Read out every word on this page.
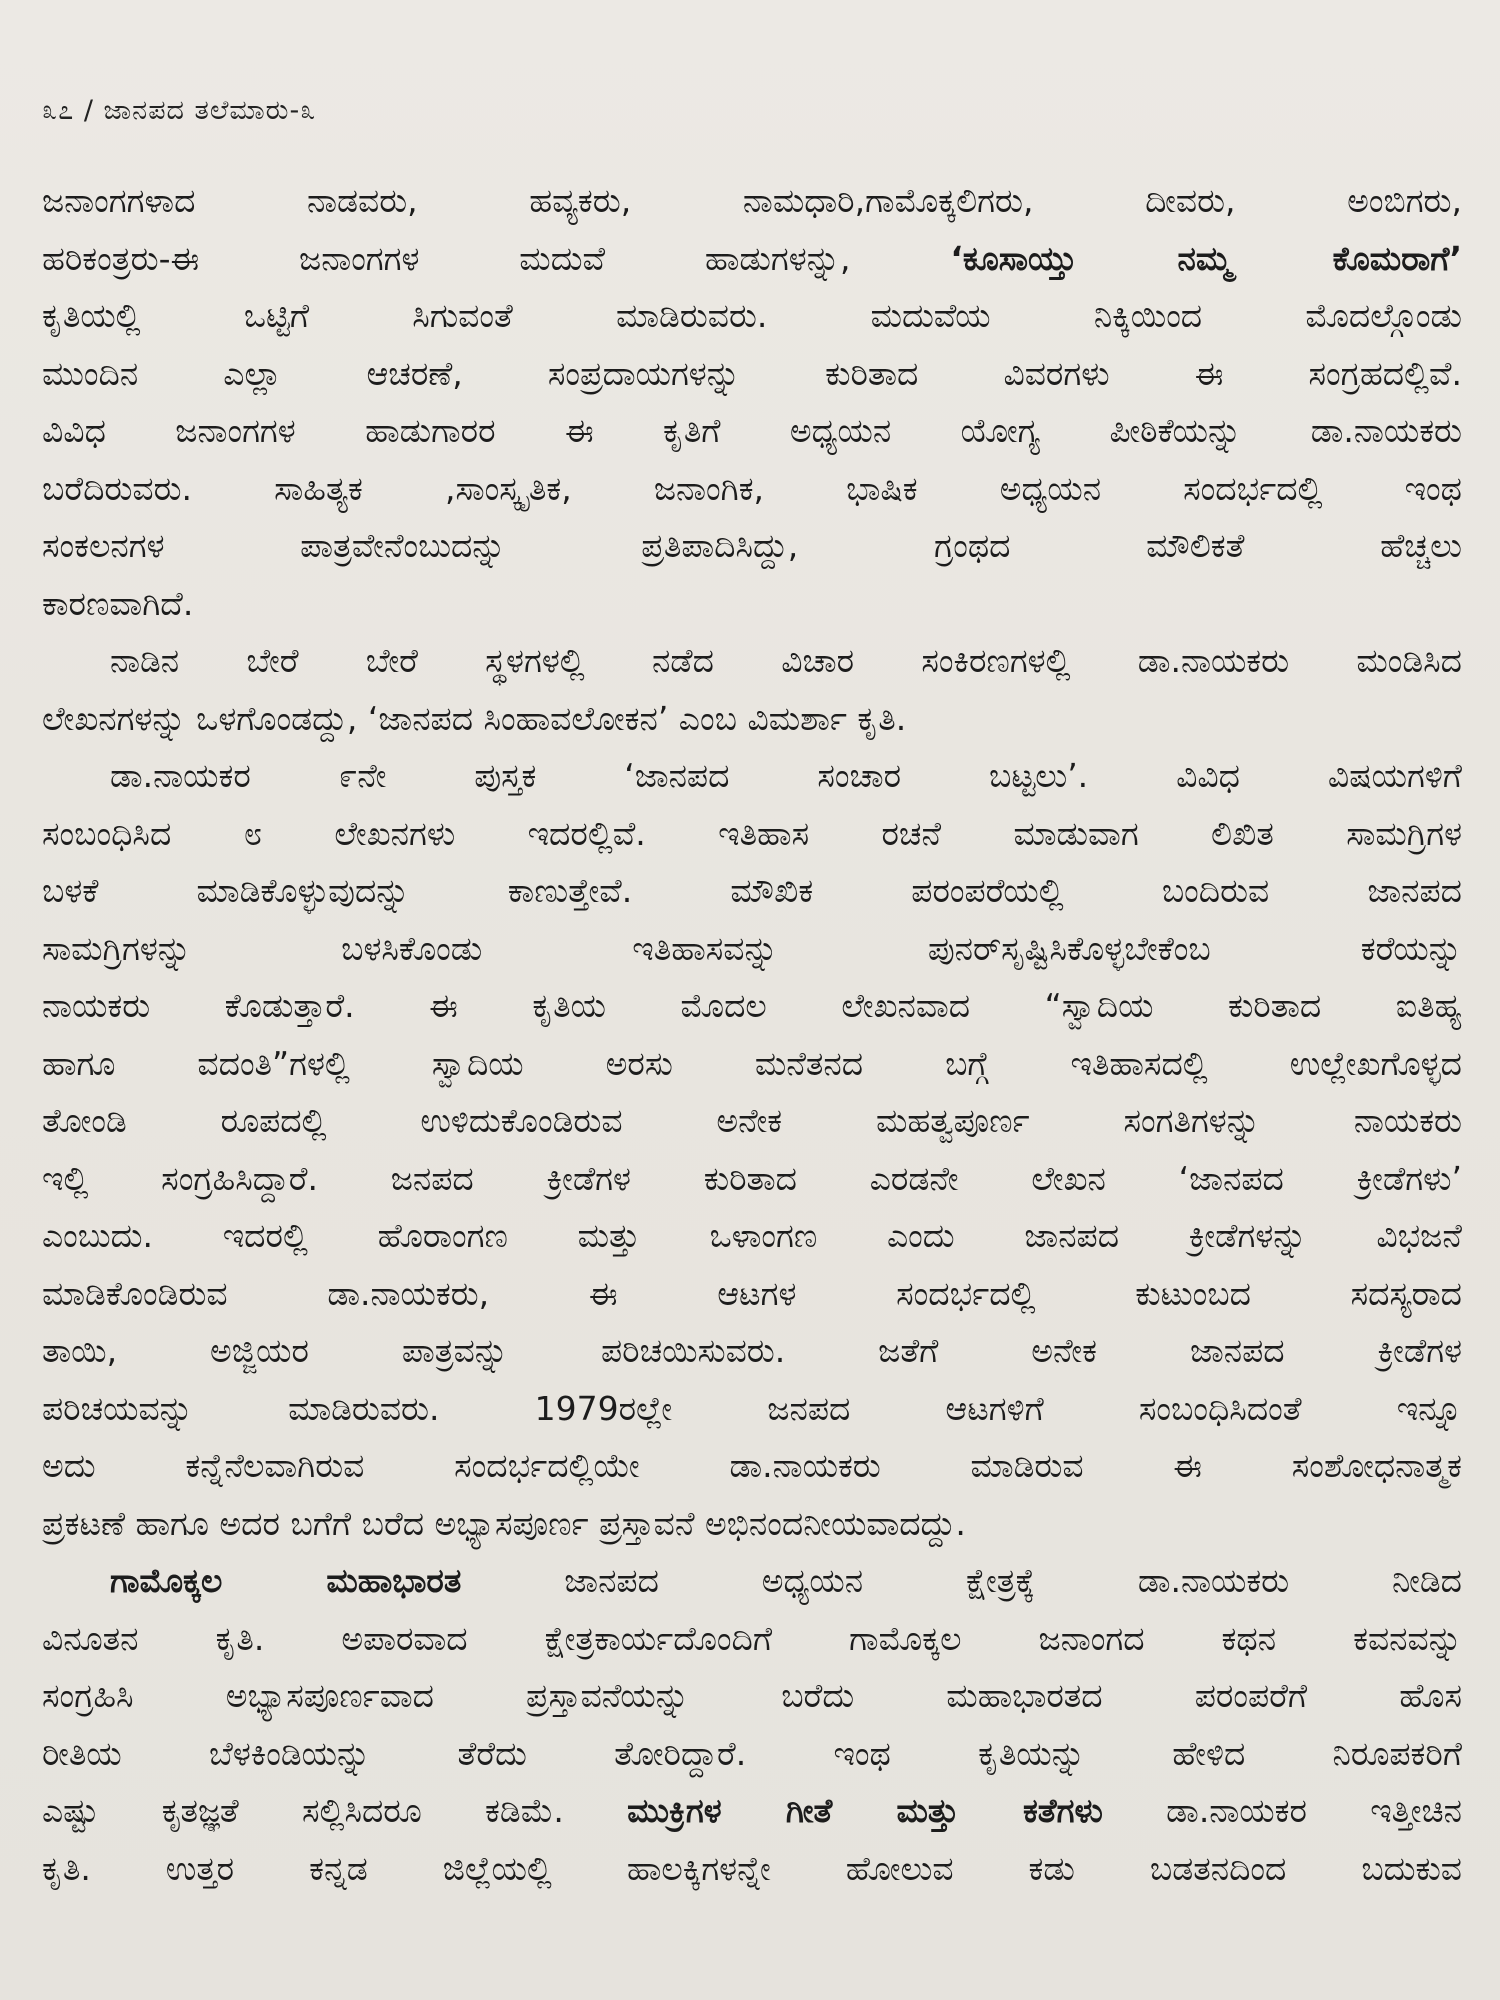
೩೭ / ಜಾನಪದ ತಲೆಮಾರು-೩
ಜನಾಂಗಗಳಾದ ನಾಡವರು, ಹವ್ಯಕರು, ನಾಮಧಾರಿ,ಗಾಮೊಕ್ಕಲಿಗರು, ದೀವರು, ಅಂಬಿಗರು,
ಹರಿಕಂತ್ರರು-ಈ ಜನಾಂಗಗಳ ಮದುವೆ ಹಾಡುಗಳನ್ನು, ‘ಕೂಸಾಯ್ತು ನಮ್ಮ ಕೊಮರಾಗೆ’
ಕೃತಿಯಲ್ಲಿ ಒಟ್ಟಿಗೆ ಸಿಗುವಂತೆ ಮಾಡಿರುವರು. ಮದುವೆಯ ನಿಕ್ಕಿಯಿಂದ ಮೊದಲ್ಗೊಂಡು
ಮುಂದಿನ ಎಲ್ಲಾ ಆಚರಣೆ, ಸಂಪ್ರದಾಯಗಳನ್ನು ಕುರಿತಾದ ವಿವರಗಳು ಈ ಸಂಗ್ರಹದಲ್ಲಿವೆ.
ವಿವಿಧ ಜನಾಂಗಗಳ ಹಾಡುಗಾರರ ಈ ಕೃತಿಗೆ ಅಧ್ಯಯನ ಯೋಗ್ಯ ಪೀಠಿಕೆಯನ್ನು ಡಾ.ನಾಯಕರು
ಬರೆದಿರುವರು. ಸಾಹಿತ್ಯಕ ,ಸಾಂಸ್ಕೃತಿಕ, ಜನಾಂಗಿಕ, ಭಾಷಿಕ ಅಧ್ಯಯನ ಸಂದರ್ಭದಲ್ಲಿ ಇಂಥ
ಸಂಕಲನಗಳ ಪಾತ್ರವೇನೆಂಬುದನ್ನು ಪ್ರತಿಪಾದಿಸಿದ್ದು, ಗ್ರಂಥದ ಮೌಲಿಕತೆ ಹೆಚ್ಚಲು
ಕಾರಣವಾಗಿದೆ.
ನಾಡಿನ ಬೇರೆ ಬೇರೆ ಸ್ಥಳಗಳಲ್ಲಿ ನಡೆದ ವಿಚಾರ ಸಂಕಿರಣಗಳಲ್ಲಿ ಡಾ.ನಾಯಕರು ಮಂಡಿಸಿದ
ಲೇಖನಗಳನ್ನು ಒಳಗೊಂಡದ್ದು, ‘ಜಾನಪದ ಸಿಂಹಾವಲೋಕನ’ ಎಂಬ ವಿಮರ್ಶಾ ಕೃತಿ.
ಡಾ.ನಾಯಕರ ೯ನೇ ಪುಸ್ತಕ ‘ಜಾನಪದ ಸಂಚಾರ ಬಟ್ಟಲು’. ವಿವಿಧ ವಿಷಯಗಳಿಗೆ
ಸಂಬಂಧಿಸಿದ ೮ ಲೇಖನಗಳು ಇದರಲ್ಲಿವೆ. ಇತಿಹಾಸ ರಚನೆ ಮಾಡುವಾಗ ಲಿಖಿತ ಸಾಮಗ್ರಿಗಳ
ಬಳಕೆ ಮಾಡಿಕೊಳ್ಳುವುದನ್ನು ಕಾಣುತ್ತೇವೆ. ಮೌಖಿಕ ಪರಂಪರೆಯಲ್ಲಿ ಬಂದಿರುವ ಜಾನಪದ
ಸಾಮಗ್ರಿಗಳನ್ನು ಬಳಸಿಕೊಂಡು ಇತಿಹಾಸವನ್ನು ಪುನರ್‌ಸೃಷ್ಟಿಸಿಕೊಳ್ಳಬೇಕೆಂಬ ಕರೆಯನ್ನು
ನಾಯಕರು ಕೊಡುತ್ತಾರೆ. ಈ ಕೃತಿಯ ಮೊದಲ ಲೇಖನವಾದ “ಸ್ವಾದಿಯ ಕುರಿತಾದ ಐತಿಹ್ಯ
ಹಾಗೂ ವದಂತಿ”ಗಳಲ್ಲಿ ಸ್ವಾದಿಯ ಅರಸು ಮನೆತನದ ಬಗ್ಗೆ ಇತಿಹಾಸದಲ್ಲಿ ಉಲ್ಲೇಖಗೊಳ್ಳದ
ತೋಂಡಿ ರೂಪದಲ್ಲಿ ಉಳಿದುಕೊಂಡಿರುವ ಅನೇಕ ಮಹತ್ವಪೂರ್ಣ ಸಂಗತಿಗಳನ್ನು ನಾಯಕರು
ಇಲ್ಲಿ ಸಂಗ್ರಹಿಸಿದ್ದಾರೆ. ಜನಪದ ಕ್ರೀಡೆಗಳ ಕುರಿತಾದ ಎರಡನೇ ಲೇಖನ ‘ಜಾನಪದ ಕ್ರೀಡೆಗಳು’
ಎಂಬುದು. ಇದರಲ್ಲಿ ಹೊರಾಂಗಣ ಮತ್ತು ಒಳಾಂಗಣ ಎಂದು ಜಾನಪದ ಕ್ರೀಡೆಗಳನ್ನು ವಿಭಜನೆ
ಮಾಡಿಕೊಂಡಿರುವ ಡಾ.ನಾಯಕರು, ಈ ಆಟಗಳ ಸಂದರ್ಭದಲ್ಲಿ ಕುಟುಂಬದ ಸದಸ್ಯರಾದ
ತಾಯಿ, ಅಜ್ಜಿಯರ ಪಾತ್ರವನ್ನು ಪರಿಚಯಿಸುವರು. ಜತೆಗೆ ಅನೇಕ ಜಾನಪದ ಕ್ರೀಡೆಗಳ
ಪರಿಚಯವನ್ನು ಮಾಡಿರುವರು. 1979ರಲ್ಲೇ ಜನಪದ ಆಟಗಳಿಗೆ ಸಂಬಂಧಿಸಿದಂತೆ ಇನ್ನೂ
ಅದು ಕನ್ನೆನೆಲವಾಗಿರುವ ಸಂದರ್ಭದಲ್ಲಿಯೇ ಡಾ.ನಾಯಕರು ಮಾಡಿರುವ ಈ ಸಂಶೋಧನಾತ್ಮಕ
ಪ್ರಕಟಣೆ ಹಾಗೂ ಅದರ ಬಗೆಗೆ ಬರೆದ ಅಭ್ಯಾಸಪೂರ್ಣ ಪ್ರಸ್ತಾವನೆ ಅಭಿನಂದನೀಯವಾದದ್ದು.
ಗಾಮೊಕ್ಕಲ ಮಹಾಭಾರತ ಜಾನಪದ ಅಧ್ಯಯನ ಕ್ಷೇತ್ರಕ್ಕೆ ಡಾ.ನಾಯಕರು ನೀಡಿದ
ವಿನೂತನ ಕೃತಿ. ಅಪಾರವಾದ ಕ್ಷೇತ್ರಕಾರ್ಯದೊಂದಿಗೆ ಗಾಮೊಕ್ಕಲ ಜನಾಂಗದ ಕಥನ ಕವನವನ್ನು
ಸಂಗ್ರಹಿಸಿ ಅಭ್ಯಾಸಪೂರ್ಣವಾದ ಪ್ರಸ್ತಾವನೆಯನ್ನು ಬರೆದು ಮಹಾಭಾರತದ ಪರಂಪರೆಗೆ ಹೊಸ
ರೀತಿಯ ಬೆಳಕಿಂಡಿಯನ್ನು ತೆರೆದು ತೋರಿದ್ದಾರೆ. ಇಂಥ ಕೃತಿಯನ್ನು ಹೇಳಿದ ನಿರೂಪಕರಿಗೆ
ಎಷ್ಟು ಕೃತಜ್ಞತೆ ಸಲ್ಲಿಸಿದರೂ ಕಡಿಮೆ. ಮುಕ್ರಿಗಳ ಗೀತೆ ಮತ್ತು ಕತೆಗಳು ಡಾ.ನಾಯಕರ ಇತ್ತೀಚಿನ
ಕೃತಿ. ಉತ್ತರ ಕನ್ನಡ ಜಿಲ್ಲೆಯಲ್ಲಿ ಹಾಲಕ್ಕಿಗಳನ್ನೇ ಹೋಲುವ ಕಡು ಬಡತನದಿಂದ ಬದುಕುವ
